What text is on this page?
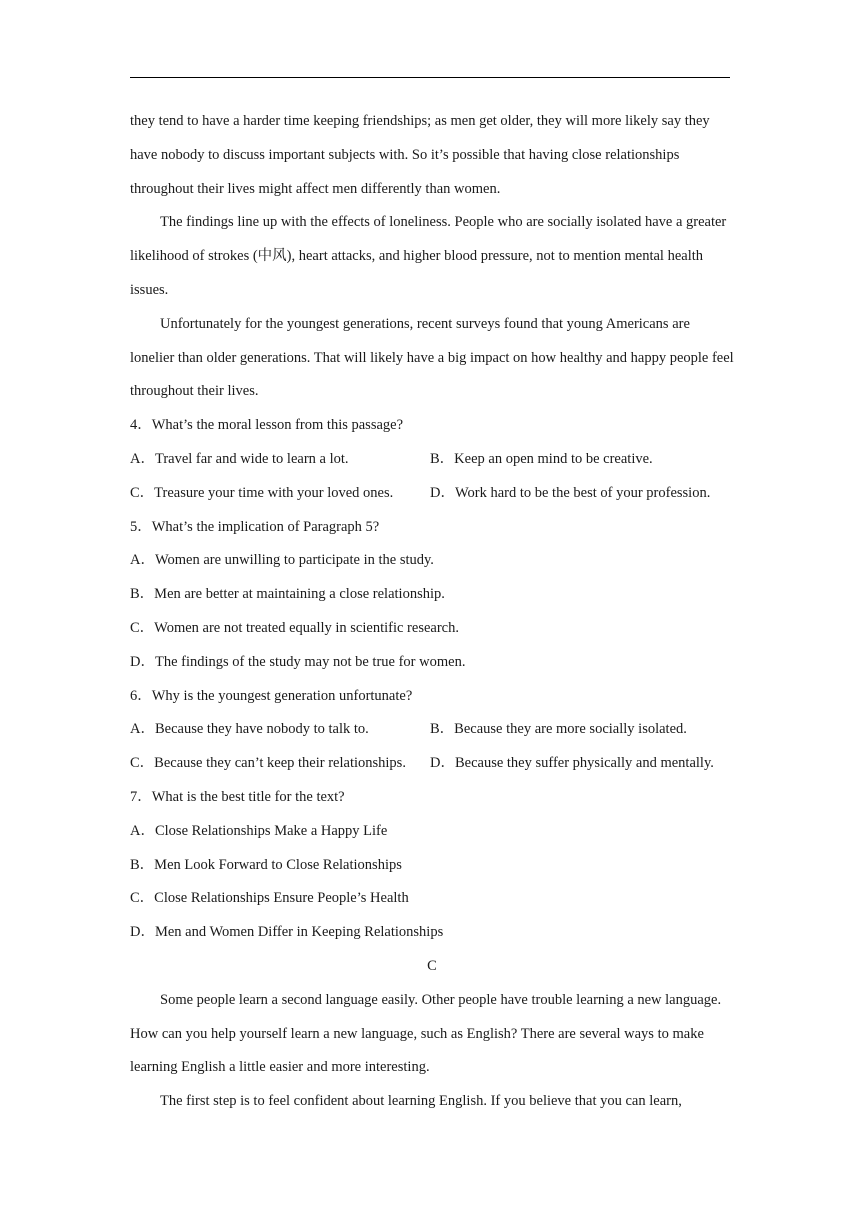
they tend to have a harder time keeping friendships; as men get older, they will more likely say they have nobody to discuss important subjects with. So it’s possible that having close relationships throughout their lives might affect men differently than women.

The findings line up with the effects of loneliness. People who are socially isolated have a greater likelihood of strokes (中风), heart attacks, and higher blood pressure, not to mention mental health issues.

Unfortunately for the youngest generations, recent surveys found that young Americans are lonelier than older generations. That will likely have a big impact on how healthy and happy people feel throughout their lives.

4．What’s the moral lesson from this passage?

A．Travel far and wide to learn a lot.	B．Keep an open mind to be creative.
C．Treasure your time with your loved ones.	D．Work hard to be the best of your profession.

5．What’s the implication of Paragraph 5?

A．Women are unwilling to participate in the study.

B．Men are better at maintaining a close relationship.

C．Women are not treated equally in scientific research.

D．The findings of the study may not be true for women.

6．Why is the youngest generation unfortunate?

A．Because they have nobody to talk to.	B．Because they are more socially isolated.
C．Because they can’t keep their relationships.	D．Because they suffer physically and mentally.

7．What is the best title for the text?

A．Close Relationships Make a Happy Life

B．Men Look Forward to Close Relationships

C．Close Relationships Ensure People’s Health

D．Men and Women Differ in Keeping Relationships

C

Some people learn a second language easily. Other people have trouble learning a new language. How can you help yourself learn a new language, such as English? There are several ways to make learning English a little easier and more interesting.

The first step is to feel confident about learning English. If you believe that you can learn,
